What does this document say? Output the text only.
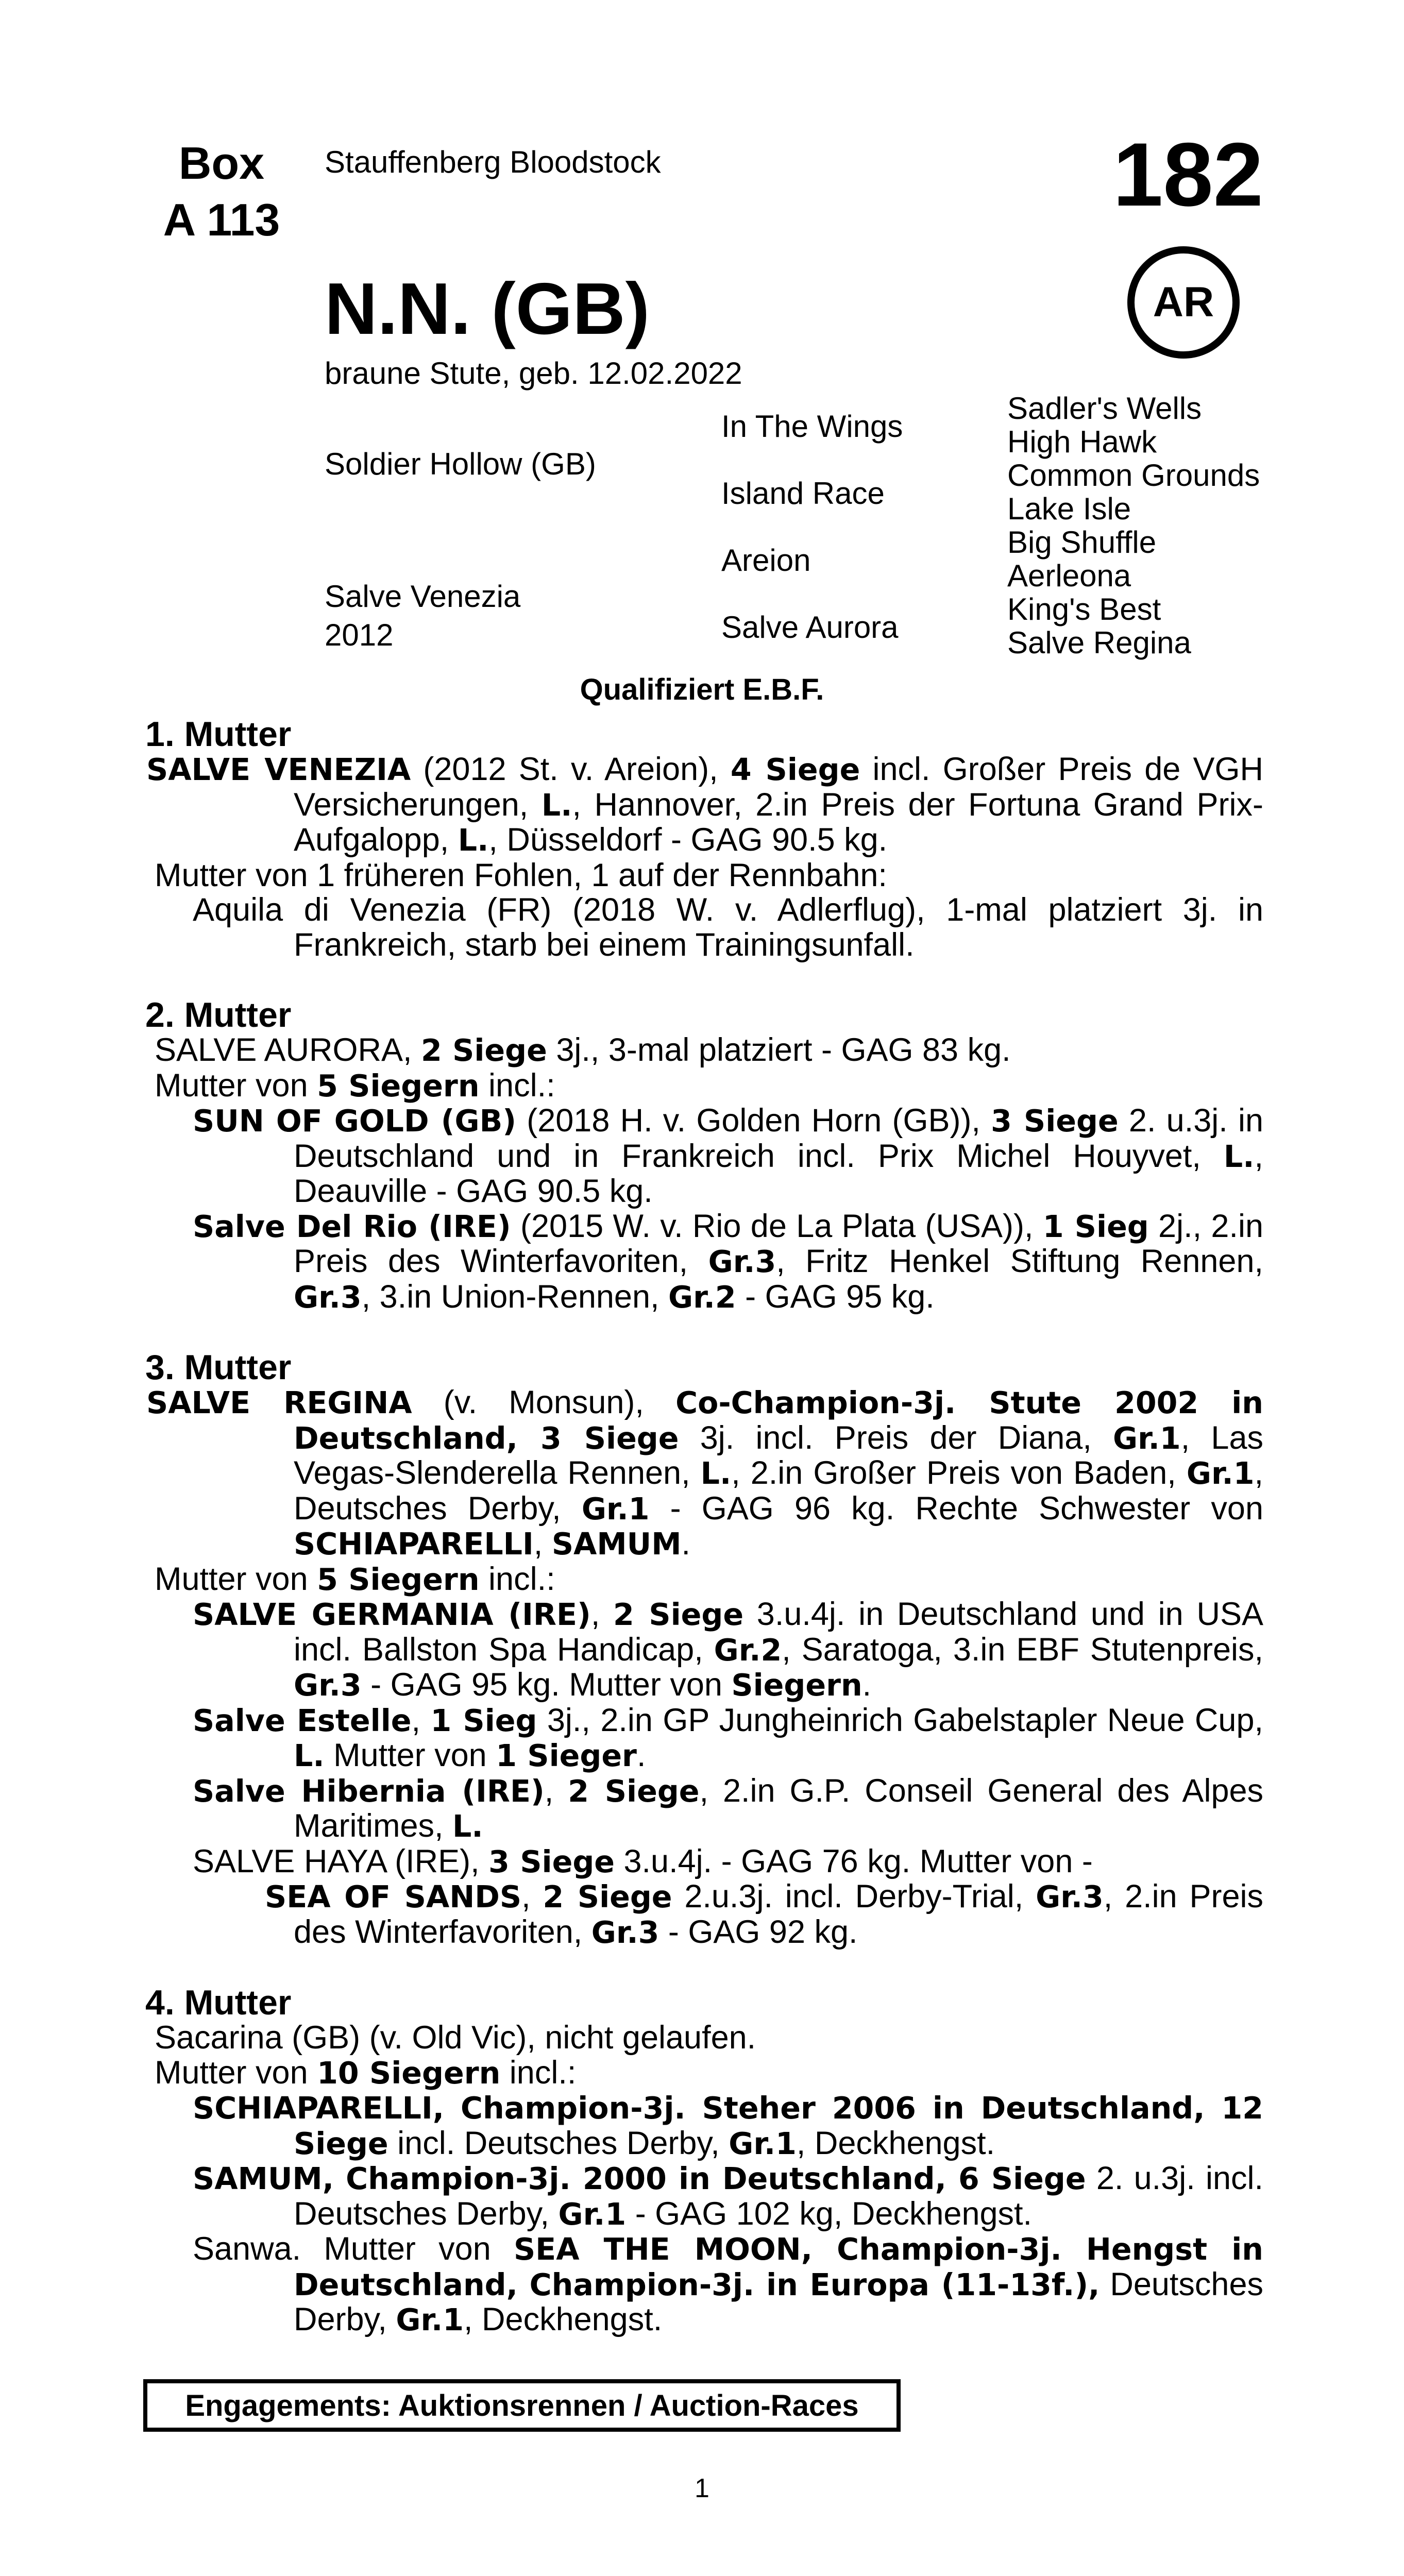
Box
A 113
Stauffenberg Bloodstock	182
AR
N.N. (GB)
braune Stute, geb. 12.02.2022
Soldier Hollow (GB)
Salve Venezia
2012
In The Wings
Island Race
Areion
Salve Aurora
Sadler's Wells
High Hawk
Common Grounds
Lake Isle
Big Shuffle
Aerleona
King's Best
Salve Regina
Qualifiziert E.B.F.
1. Mutter

SALVE VENEZIA (2012 St. v. Areion), 4 Siege incl. Großer Preis de VGH Versicherungen, L., Hannover, 2.in Preis der Fortuna Grand Prix-Aufgalopp, L., Düsseldorf - GAG 90.5 kg.

Mutter von 1 früheren Fohlen, 1 auf der Rennbahn:

Aquila di Venezia (FR) (2018 W. v. Adlerflug), 1-mal platziert 3j. in Frankreich, starb bei einem Trainingsunfall.

2. Mutter

SALVE AURORA, 2 Siege 3j., 3-mal platziert - GAG 83 kg.

Mutter von 5 Siegern incl.:

SUN OF GOLD (GB) (2018 H. v. Golden Horn (GB)), 3 Siege 2. u.3j. in Deutschland und in Frankreich incl. Prix Michel Houyvet, L., Deauville - GAG 90.5 kg.

Salve Del Rio (IRE) (2015 W. v. Rio de La Plata (USA)), 1 Sieg 2j., 2.in Preis des Winterfavoriten, Gr.3, Fritz Henkel Stiftung Rennen, Gr.3, 3.in Union-Rennen, Gr.2 - GAG 95 kg.

3. Mutter

SALVE REGINA (v. Monsun), Co-Champion-3j. Stute 2002 in Deutschland, 3 Siege 3j. incl. Preis der Diana, Gr.1, Las Vegas-Slenderella Rennen, L., 2.in Großer Preis von Baden, Gr.1, Deutsches Derby, Gr.1 - GAG 96 kg. Rechte Schwester von SCHIAPARELLI, SAMUM.

Mutter von 5 Siegern incl.:

SALVE GERMANIA (IRE), 2 Siege 3.u.4j. in Deutschland und in USA incl. Ballston Spa Handicap, Gr.2, Saratoga, 3.in EBF Stutenpreis, Gr.3 - GAG 95 kg. Mutter von Siegern.

Salve Estelle, 1 Sieg 3j., 2.in GP Jungheinrich Gabelstapler Neue Cup, L. Mutter von 1 Sieger.

Salve Hibernia (IRE), 2 Siege, 2.in G.P. Conseil General des Alpes Maritimes, L.

SALVE HAYA (IRE), 3 Siege 3.u.4j. - GAG 76 kg. Mutter von -

SEA OF SANDS, 2 Siege 2.u.3j. incl. Derby-Trial, Gr.3, 2.in Preis des Winterfavoriten, Gr.3 - GAG 92 kg.

4. Mutter

Sacarina (GB) (v. Old Vic), nicht gelaufen.

Mutter von 10 Siegern incl.:

SCHIAPARELLI, Champion-3j. Steher 2006 in Deutschland, 12 Siege incl. Deutsches Derby, Gr.1, Deckhengst.

SAMUM, Champion-3j. 2000 in Deutschland, 6 Siege 2. u.3j. incl. Deutsches Derby, Gr.1 - GAG 102 kg, Deckhengst.

Sanwa. Mutter von SEA THE MOON, Champion-3j. Hengst in Deutschland, Champion-3j. in Europa (11-13f.), Deutsches Derby, Gr.1, Deckhengst.

Engagements: Auktionsrennen / Auction-Races
1
